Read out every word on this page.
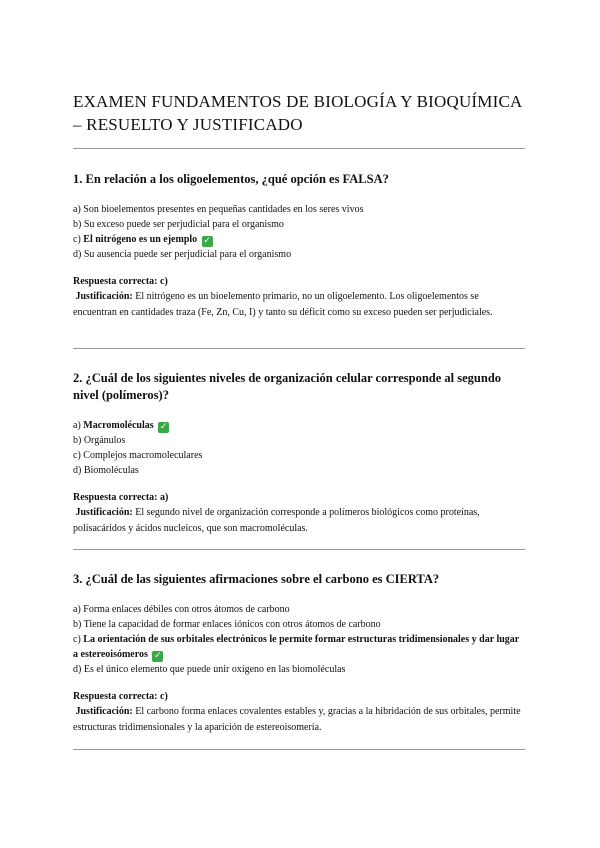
EXAMEN FUNDAMENTOS DE BIOLOGÍA Y BIOQUÍMICA – RESUELTO Y JUSTIFICADO

1. En relación a los oligoelementos, ¿qué opción es FALSA?

a) Son bioelementos presentes en pequeñas cantidades en los seres vivos
b) Su exceso puede ser perjudicial para el organismo
c) El nitrógeno es un ejemplo ✓
d) Su ausencia puede ser perjudicial para el organismo
Respuesta correcta: c)
Justificación: El nitrógeno es un bioelemento primario, no un oligoelemento. Los oligoelementos se encuentran en cantidades traza (Fe, Zn, Cu, I) y tanto su déficit como su exceso pueden ser perjudiciales.

2. ¿Cuál de los siguientes niveles de organización celular corresponde al segundo nivel (polímeros)?

a) Macromoléculas ✓
b) Orgánulos
c) Complejos macromoleculares
d) Biomoléculas
Respuesta correcta: a)
Justificación: El segundo nivel de organización corresponde a polímeros biológicos como proteínas, polisacáridos y ácidos nucleicos, que son macromoléculas.

3. ¿Cuál de las siguientes afirmaciones sobre el carbono es CIERTA?

a) Forma enlaces débiles con otros átomos de carbono
b) Tiene la capacidad de formar enlaces iónicos con otros átomos de carbono
c) La orientación de sus orbitales electrónicos le permite formar estructuras tridimensionales y dar lugar a estereoisómeros ✓
d) Es el único elemento que puede unir oxígeno en las biomoléculas
Respuesta correcta: c)
Justificación: El carbono forma enlaces covalentes estables y, gracias a la hibridación de sus orbitales, permite estructuras tridimensionales y la aparición de estereoisomería.
